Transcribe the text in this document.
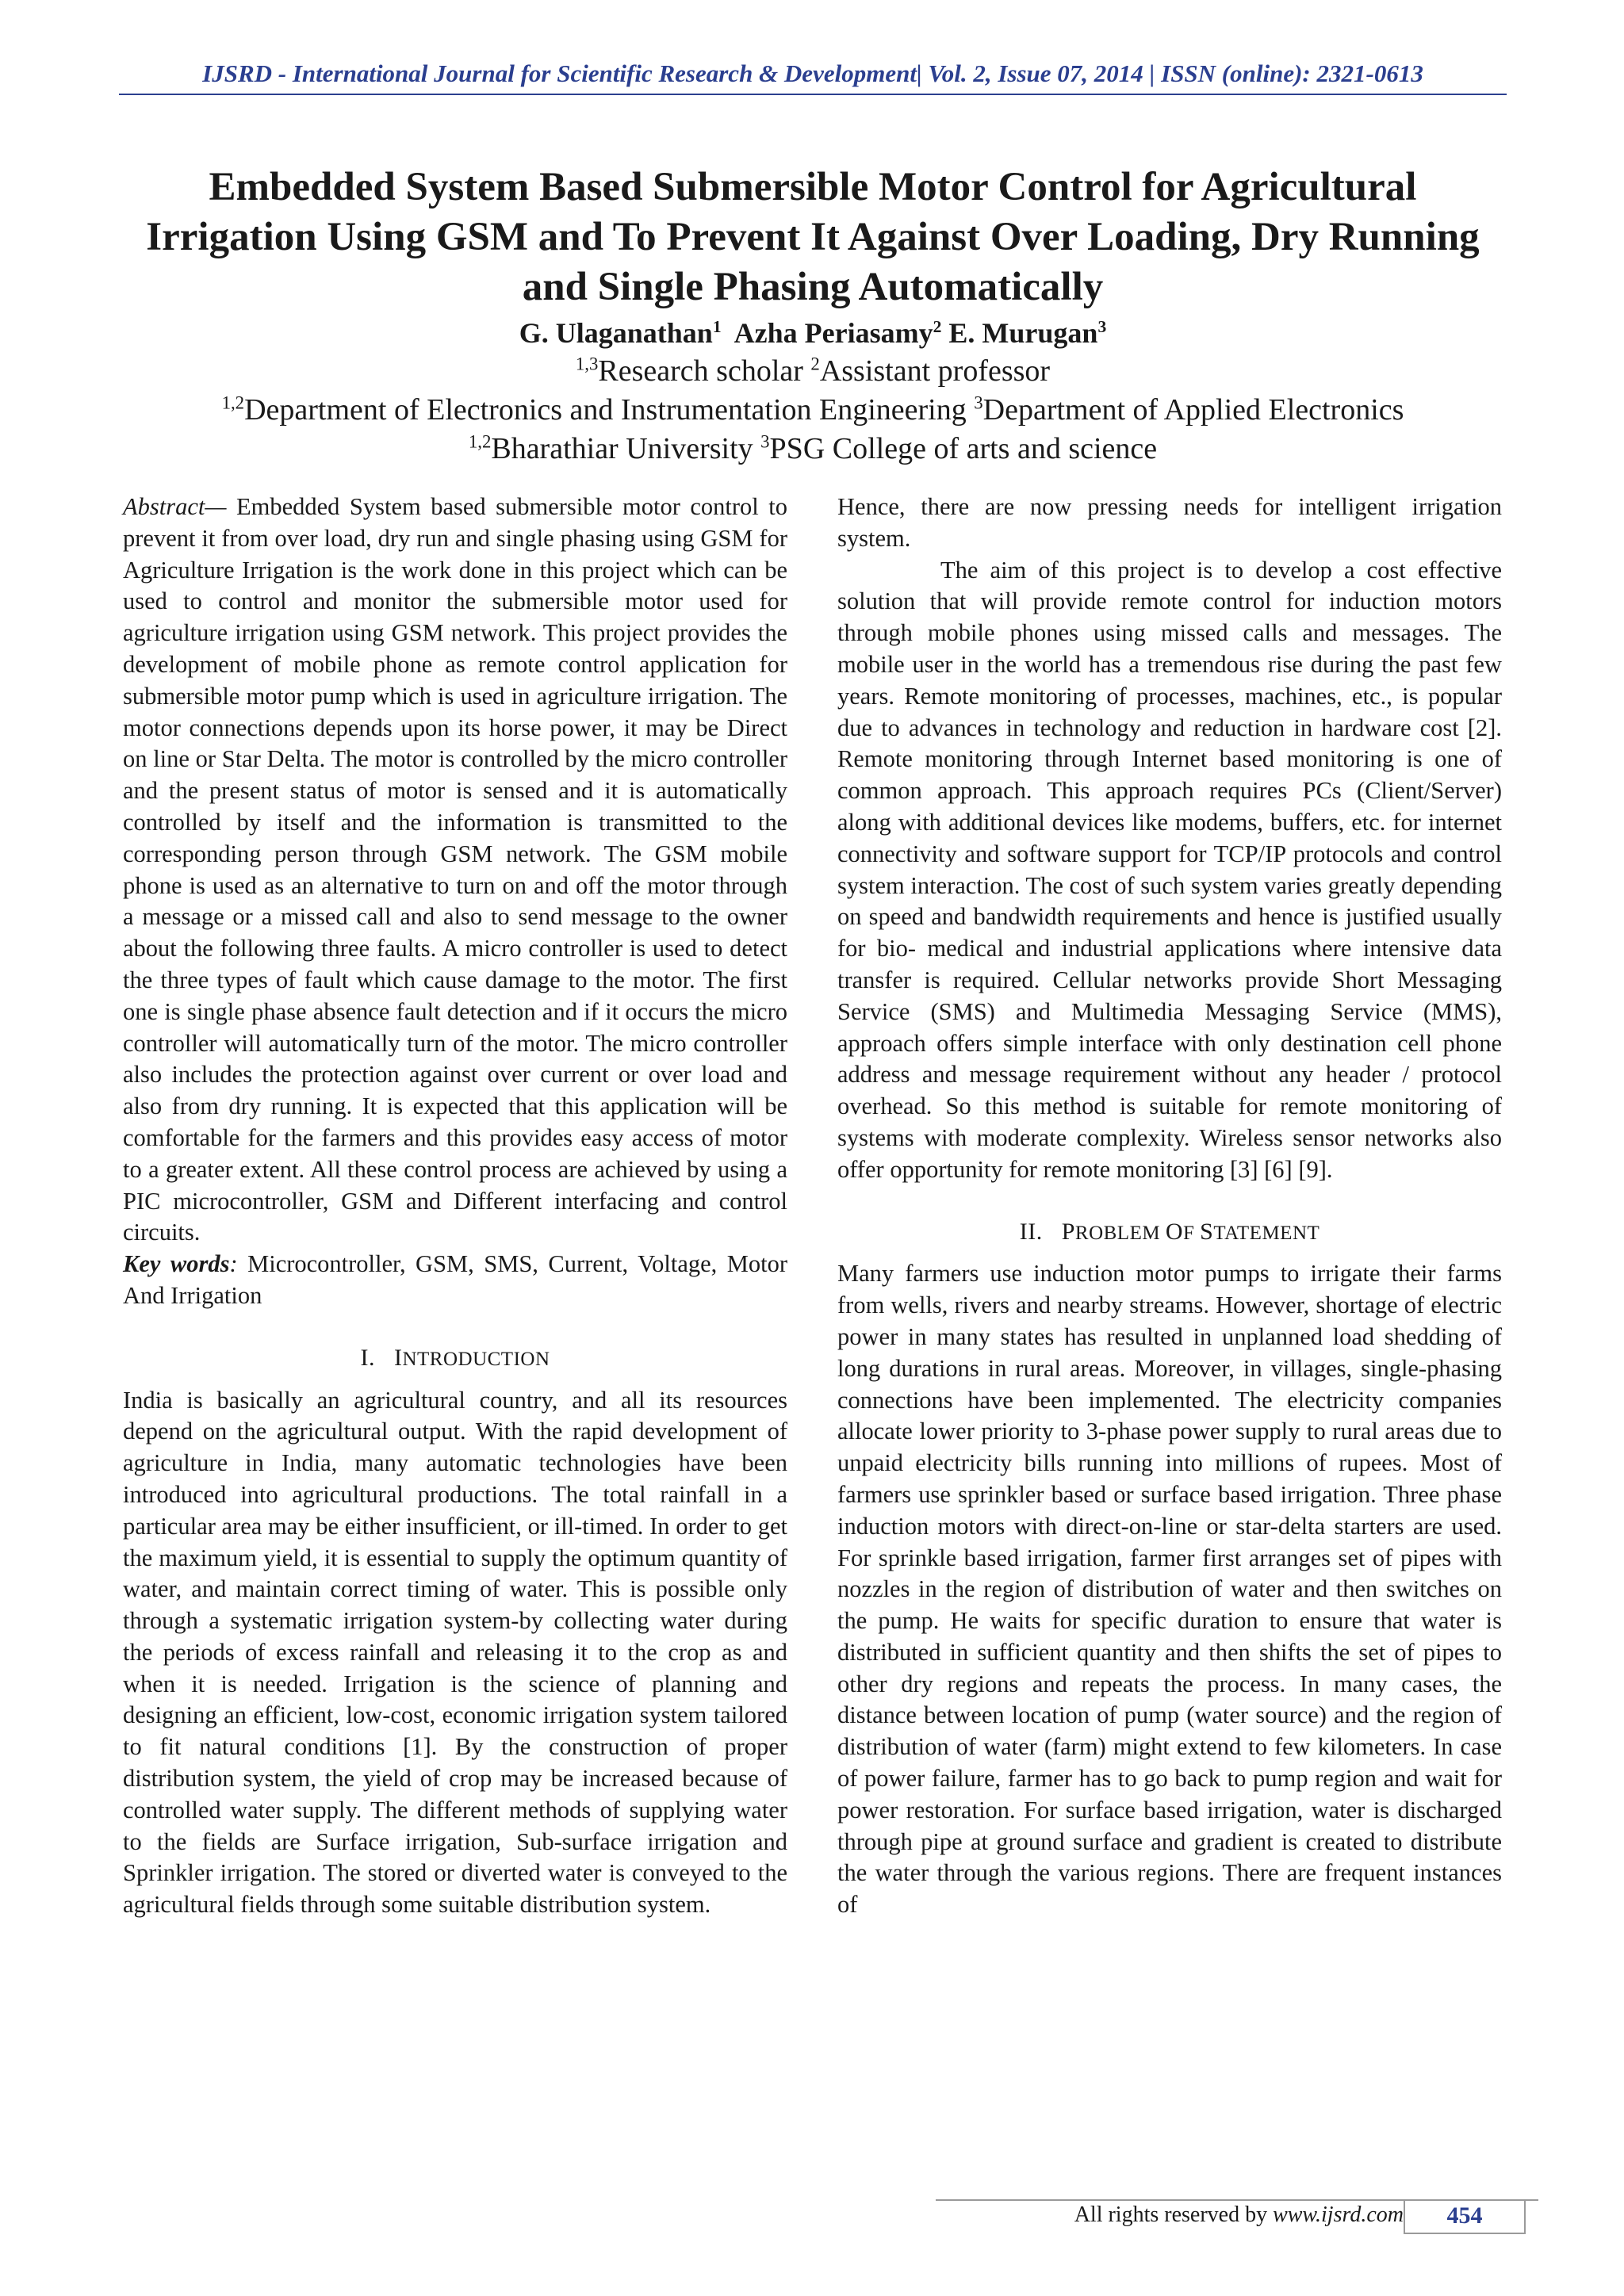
IJSRD - International Journal for Scientific Research & Development| Vol. 2, Issue 07, 2014 | ISSN (online): 2321-0613
Embedded System Based Submersible Motor Control for Agricultural Irrigation Using GSM and To Prevent It Against Over Loading, Dry Running and Single Phasing Automatically
G. Ulaganathan$^1$ Azha Periasamy$^2$ E. Murugan$^3$
$^{1,3}$Research scholar $^2$Assistant professor
$^{1,2}$Department of Electronics and Instrumentation Engineering $^3$Department of Applied Electronics
$^{1,2}$Bharathiar University $^3$PSG College of arts and science

Abstract— Embedded System based submersible motor control to prevent it from over load, dry run and single phasing using GSM for Agriculture Irrigation is the work done in this project which can be used to control and monitor the submersible motor used for agriculture irrigation using GSM network. This project provides the development of mobile phone as remote control application for submersible motor pump which is used in agriculture irrigation. The motor connections depends upon its horse power, it may be Direct on line or Star Delta. The motor is controlled by the micro controller and the present status of motor is sensed and it is automatically controlled by itself and the information is transmitted to the corresponding person through GSM network. The GSM mobile phone is used as an alternative to turn on and off the motor through a message or a missed call and also to send message to the owner about the following three faults. A micro controller is used to detect the three types of fault which cause damage to the motor. The first one is single phase absence fault detection and if it occurs the micro controller will automatically turn of the motor. The micro controller also includes the protection against over current or over load and also from dry running. It is expected that this application will be comfortable for the farmers and this provides easy access of motor to a greater extent. All these control process are achieved by using a PIC microcontroller, GSM and Different interfacing and control circuits.

Key words: Microcontroller, GSM, SMS, Current, Voltage, Motor And Irrigation

I. INTRODUCTION

India is basically an agricultural country, and all its resources depend on the agricultural output. With the rapid development of agriculture in India, many automatic technologies have been introduced into agricultural productions. The total rainfall in a particular area may be either insufficient, or ill-timed. In order to get the maximum yield, it is essential to supply the optimum quantity of water, and maintain correct timing of water. This is possible only through a systematic irrigation system-by collecting water during the periods of excess rainfall and releasing it to the crop as and when it is needed. Irrigation is the science of planning and designing an efficient, low-cost, economic irrigation system tailored to fit natural conditions [1]. By the construction of proper distribution system, the yield of crop may be increased because of controlled water supply. The different methods of supplying water to the fields are Surface irrigation, Sub-surface irrigation and Sprinkler irrigation. The stored or diverted water is conveyed to the agricultural fields through some suitable distribution system.

Hence, there are now pressing needs for intelligent irrigation system.

The aim of this project is to develop a cost effective solution that will provide remote control for induction motors through mobile phones using missed calls and messages. The mobile user in the world has a tremendous rise during the past few years. Remote monitoring of processes, machines, etc., is popular due to advances in technology and reduction in hardware cost [2]. Remote monitoring through Internet based monitoring is one of common approach. This approach requires PCs (Client/Server) along with additional devices like modems, buffers, etc. for internet connectivity and software support for TCP/IP protocols and control system interaction. The cost of such system varies greatly depending on speed and bandwidth requirements and hence is justified usually for bio- medical and industrial applications where intensive data transfer is required. Cellular networks provide Short Messaging Service (SMS) and Multimedia Messaging Service (MMS), approach offers simple interface with only destination cell phone address and message requirement without any header / protocol overhead. So this method is suitable for remote monitoring of systems with moderate complexity. Wireless sensor networks also offer opportunity for remote monitoring [3] [6] [9].

II. PROBLEM OF STATEMENT

Many farmers use induction motor pumps to irrigate their farms from wells, rivers and nearby streams. However, shortage of electric power in many states has resulted in unplanned load shedding of long durations in rural areas. Moreover, in villages, single-phasing connections have been implemented. The electricity companies allocate lower priority to 3-phase power supply to rural areas due to unpaid electricity bills running into millions of rupees. Most of farmers use sprinkler based or surface based irrigation. Three phase induction motors with direct-on-line or star-delta starters are used. For sprinkle based irrigation, farmer first arranges set of pipes with nozzles in the region of distribution of water and then switches on the pump. He waits for specific duration to ensure that water is distributed in sufficient quantity and then shifts the set of pipes to other dry regions and repeats the process. In many cases, the distance between location of pump (water source) and the region of distribution of water (farm) might extend to few kilometers. In case of power failure, farmer has to go back to pump region and wait for power restoration. For surface based irrigation, water is discharged through pipe at ground surface and gradient is created to distribute the water through the various regions. There are frequent instances of

All rights reserved by www.ijsrd.com	454
